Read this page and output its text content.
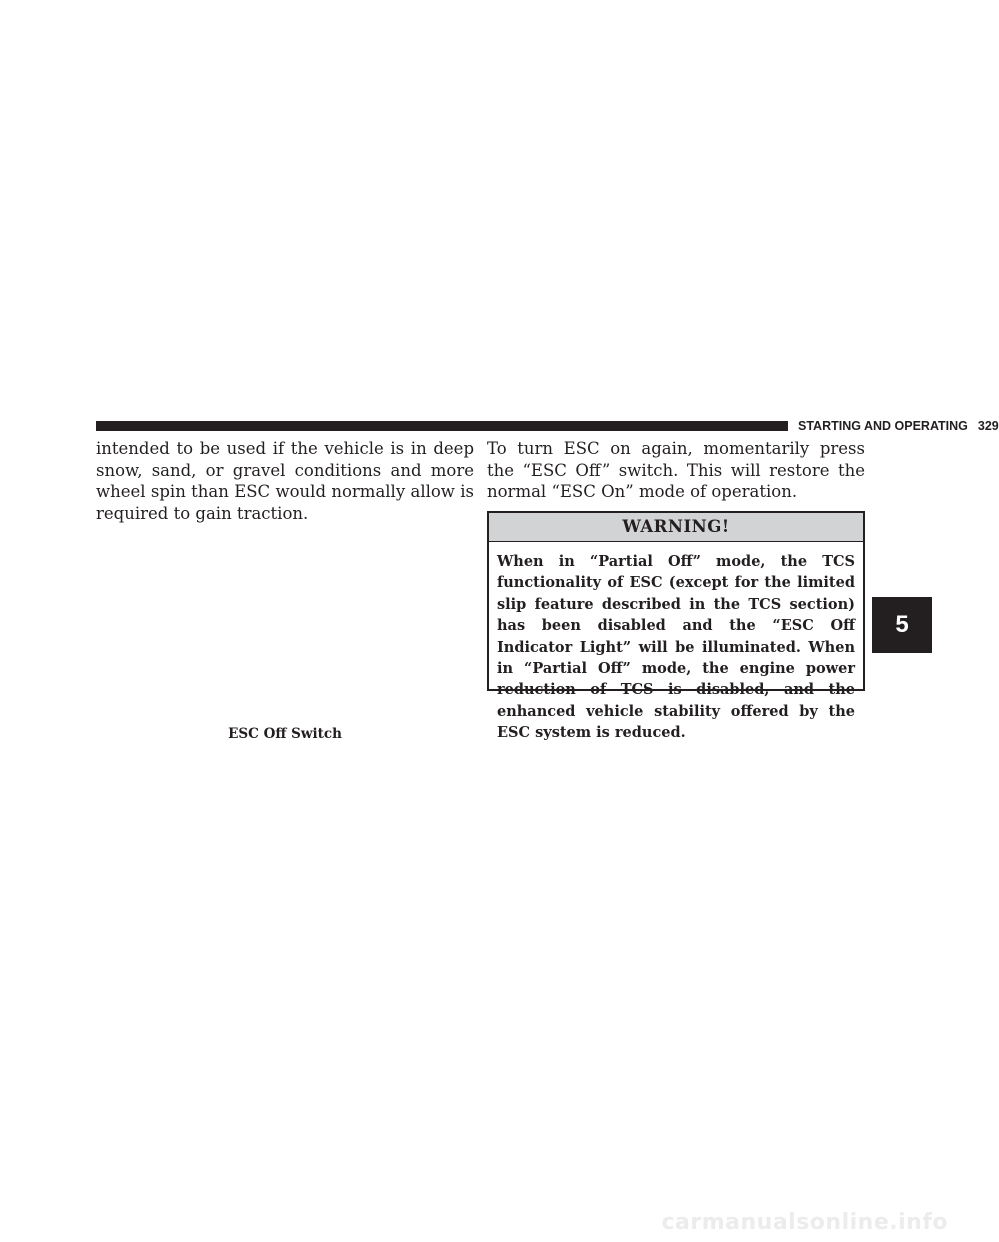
STARTING AND OPERATING 329
intended to be used if the vehicle is in deep snow, sand, or gravel conditions and more wheel spin than ESC would normally allow is required to gain traction.
ESC Off Switch
To turn ESC on again, momentarily press the “ESC Off” switch. This will restore the normal “ESC On” mode of operation.
WARNING!
When in “Partial Off” mode, the TCS functionality of ESC (except for the limited slip feature described in the TCS section) has been disabled and the “ESC Off Indicator Light” will be illuminated. When in “Partial Off” mode, the engine power reduction of TCS is disabled, and the enhanced vehicle stability offered by the ESC system is reduced.
5
carmanualsonline.info
